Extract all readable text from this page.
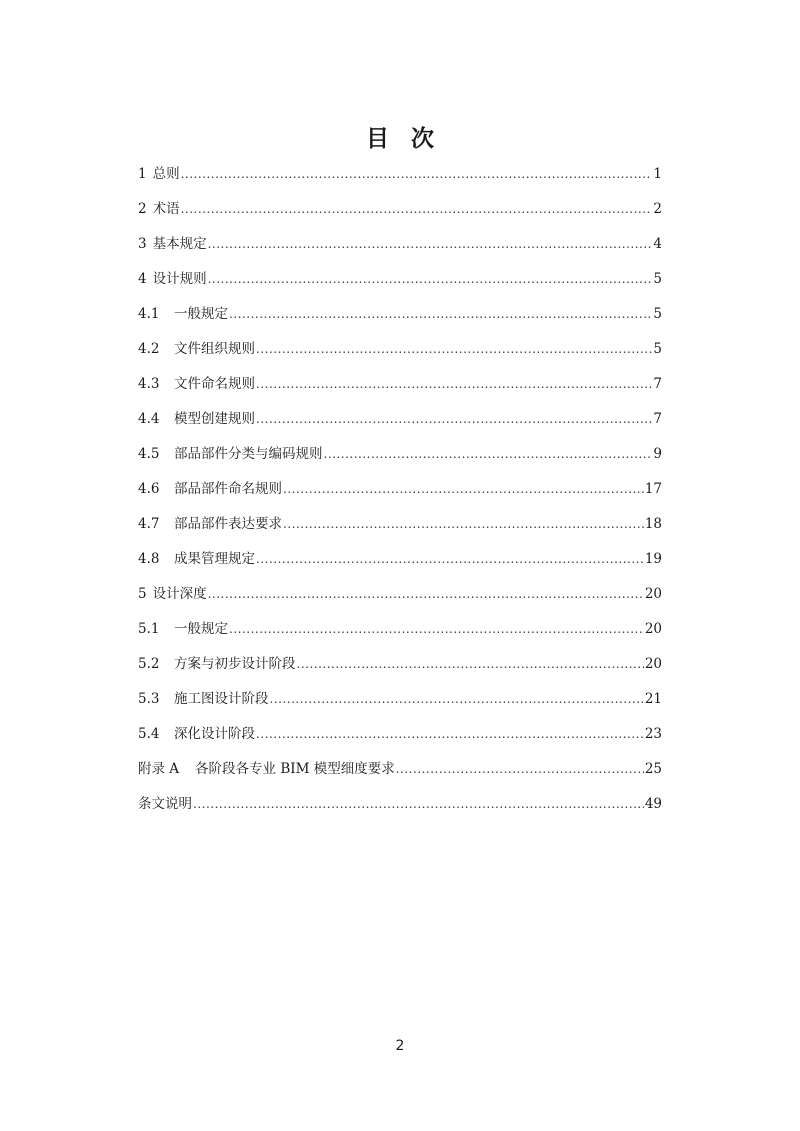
目 次
1 总则 .....	1
2 术语 .....	2
3 基本规定 .....	4
4 设计规则 .....	5
4.1	一般规定 .....	5
4.2	文件组织规则 .....	5
4.3	文件命名规则 .....	7
4.4	模型创建规则 .....	7
4.5	部品部件分类与编码规则 .....	9
4.6	部品部件命名规则 .....	17
4.7	部品部件表达要求 .....	18
4.8	成果管理规定 .....	19
5 设计深度 .....	20
5.1	一般规定 .....	20
5.2	方案与初步设计阶段 .....	20
5.3	施工图设计阶段 .....	21
5.4	深化设计阶段 .....	23
附录 A 各阶段各专业 BIM 模型细度要求 .....	25
条文说明 .....	49
2
